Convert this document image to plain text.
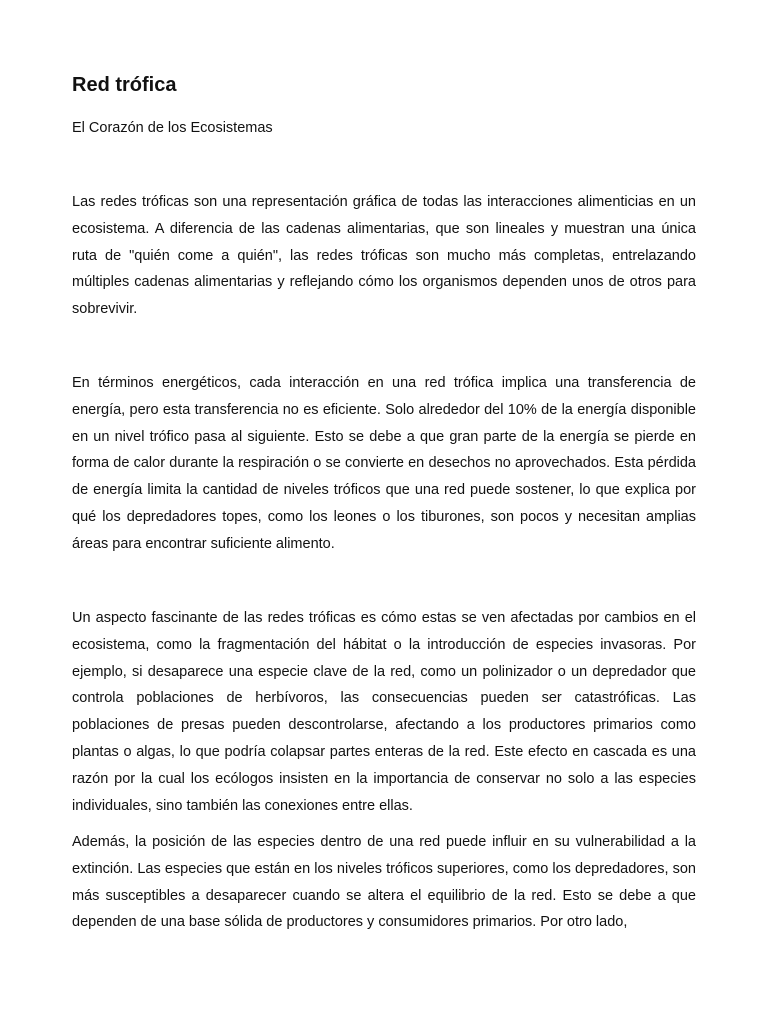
Red trófica

El Corazón de los Ecosistemas

Las redes tróficas son una representación gráfica de todas las interacciones alimenticias en un ecosistema. A diferencia de las cadenas alimentarias, que son lineales y muestran una única ruta de "quién come a quién", las redes tróficas son mucho más completas, entrelazando múltiples cadenas alimentarias y reflejando cómo los organismos dependen unos de otros para sobrevivir.

En términos energéticos, cada interacción en una red trófica implica una transferencia de energía, pero esta transferencia no es eficiente. Solo alrededor del 10% de la energía disponible en un nivel trófico pasa al siguiente. Esto se debe a que gran parte de la energía se pierde en forma de calor durante la respiración o se convierte en desechos no aprovechados. Esta pérdida de energía limita la cantidad de niveles tróficos que una red puede sostener, lo que explica por qué los depredadores topes, como los leones o los tiburones, son pocos y necesitan amplias áreas para encontrar suficiente alimento.

Un aspecto fascinante de las redes tróficas es cómo estas se ven afectadas por cambios en el ecosistema, como la fragmentación del hábitat o la introducción de especies invasoras. Por ejemplo, si desaparece una especie clave de la red, como un polinizador o un depredador que controla poblaciones de herbívoros, las consecuencias pueden ser catastróficas. Las poblaciones de presas pueden descontrolarse, afectando a los productores primarios como plantas o algas, lo que podría colapsar partes enteras de la red. Este efecto en cascada es una razón por la cual los ecólogos insisten en la importancia de conservar no solo a las especies individuales, sino también las conexiones entre ellas.

Además, la posición de las especies dentro de una red puede influir en su vulnerabilidad a la extinción. Las especies que están en los niveles tróficos superiores, como los depredadores, son más susceptibles a desaparecer cuando se altera el equilibrio de la red. Esto se debe a que dependen de una base sólida de productores y consumidores primarios. Por otro lado,
